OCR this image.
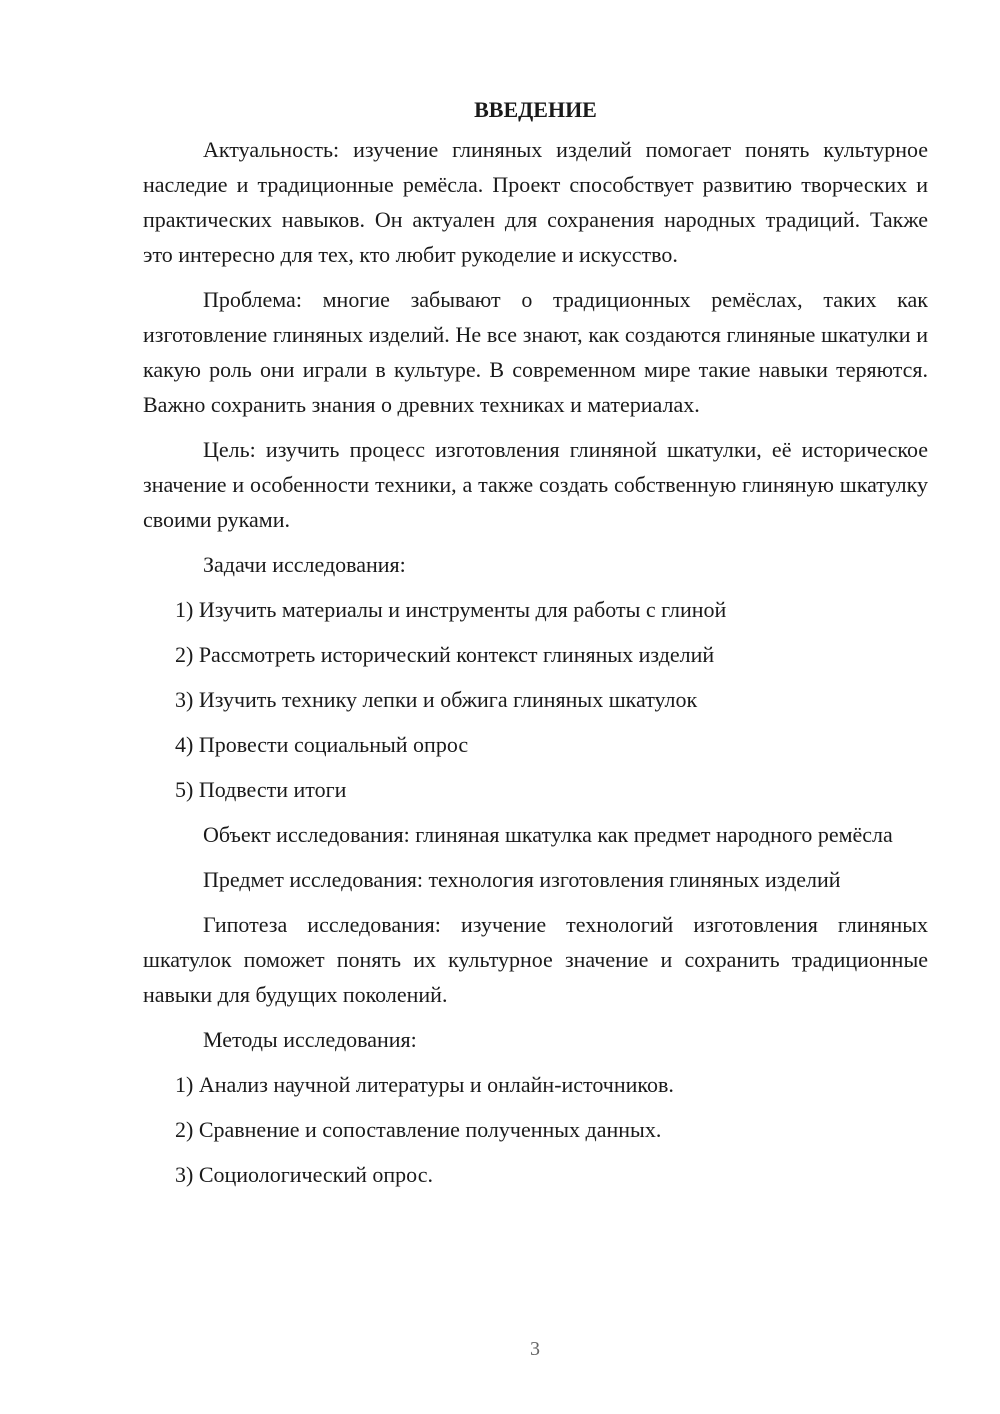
ВВЕДЕНИЕ

Актуальность: изучение глиняных изделий помогает понять культурное наследие и традиционные ремёсла. Проект способствует развитию творческих и практических навыков. Он актуален для сохранения народных традиций. Также это интересно для тех, кто любит рукоделие и искусство.

Проблема: многие забывают о традиционных ремёслах, таких как изготовление глиняных изделий. Не все знают, как создаются глиняные шкатулки и какую роль они играли в культуре. В современном мире такие навыки теряются. Важно сохранить знания о древних техниках и материалах.

Цель: изучить процесс изготовления глиняной шкатулки, её историческое значение и особенности техники, а также создать собственную глиняную шкатулку своими руками.

Задачи исследования:

1) Изучить материалы и инструменты для работы с глиной
2) Рассмотреть исторический контекст глиняных изделий
3) Изучить технику лепки и обжига глиняных шкатулок
4) Провести социальный опрос
5) Подвести итоги

Объект исследования: глиняная шкатулка как предмет народного ремёсла

Предмет исследования: технология изготовления глиняных изделий

Гипотеза исследования: изучение технологий изготовления глиняных шкатулок поможет понять их культурное значение и сохранить традиционные навыки для будущих поколений.

Методы исследования:

1) Анализ научной литературы и онлайн-источников.
2) Сравнение и сопоставление полученных данных.
3) Социологический опрос.
3
